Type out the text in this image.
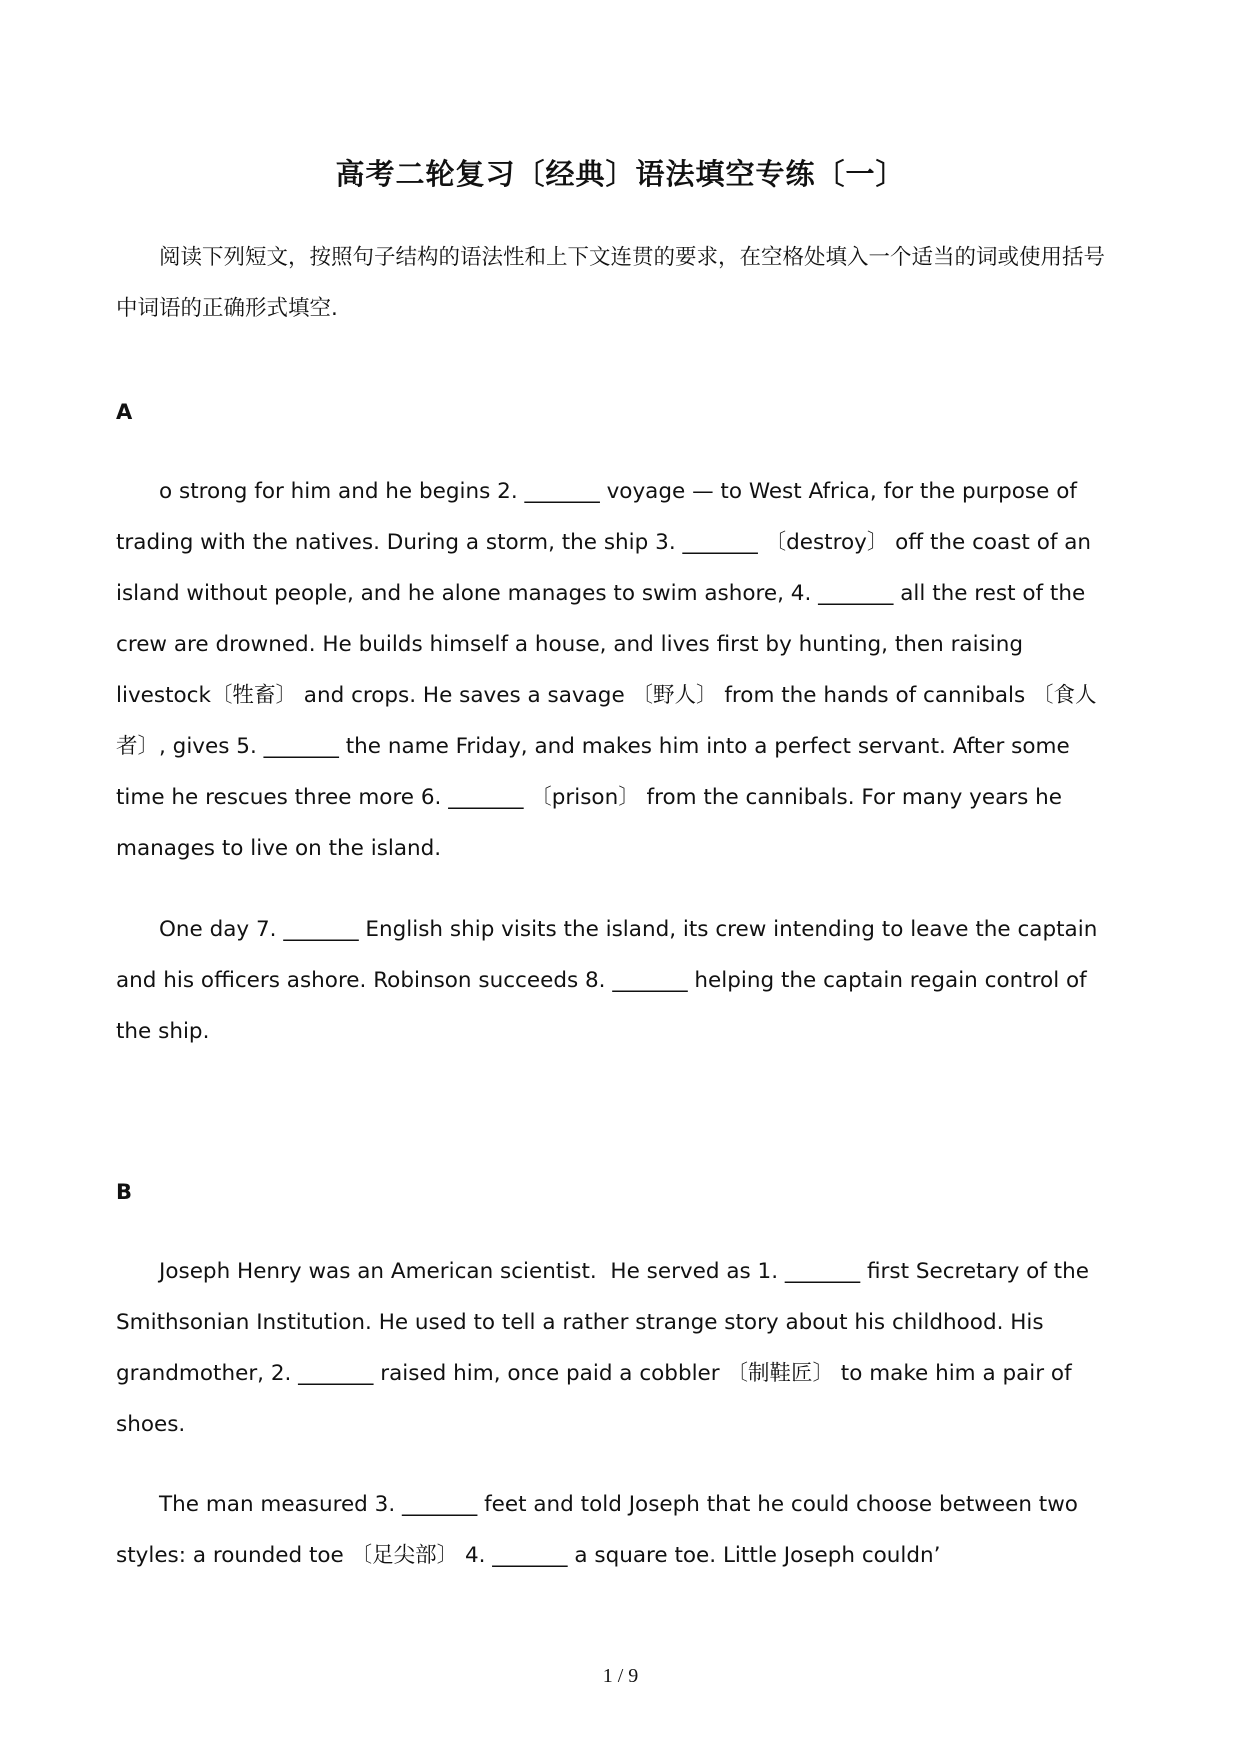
高考二轮复习〔经典〕语法填空专练〔一〕

阅读下列短文，按照句子结构的语法性和上下文连贯的要求，在空格处填入一个适当的词或使用括号中词语的正确形式填空.

A

o strong for him and he begins 2. _______ voyage — to West Africa, for the purpose of trading with the natives. During a storm, the ship 3. _______ 〔destroy〕 off the coast of an island without people, and he alone manages to swim ashore, 4. _______ all the rest of the crew are drowned. He builds himself a house, and lives first by hunting, then raising livestock〔牲畜〕 and crops. He saves a savage 〔野人〕 from the hands of cannibals 〔食人者〕, gives 5. _______ the name Friday, and makes him into a perfect servant. After some time he rescues three more 6. _______ 〔prison〕 from the cannibals. For many years he manages to live on the island.

One day 7. _______ English ship visits the island, its crew intending to leave the captain and his officers ashore. Robinson succeeds 8. _______ helping the captain regain control of the ship.

B

Joseph Henry was an American scientist.  He served as 1. _______ first Secretary of the Smithsonian Institution. He used to tell a rather strange story about his childhood. His grandmother, 2. _______ raised him, once paid a cobbler 〔制鞋匠〕 to make him a pair of shoes.

The man measured 3. _______ feet and told Joseph that he could choose between two styles: a rounded toe 〔足尖部〕 4. _______ a square toe. Little Joseph couldn’

1 / 9
